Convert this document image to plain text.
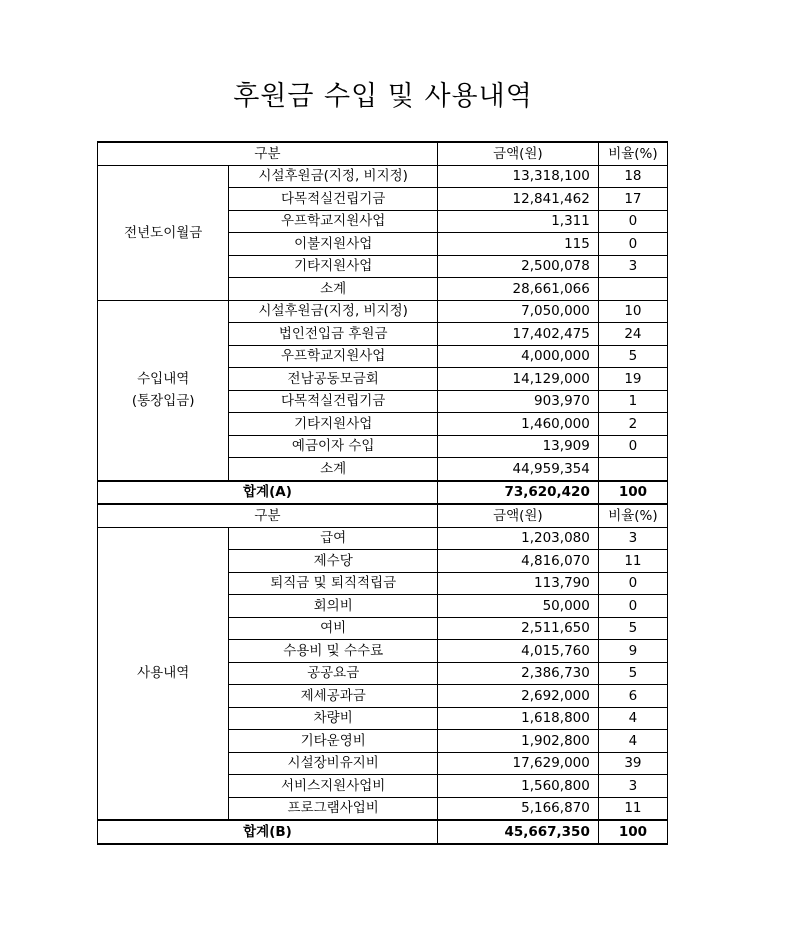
후원금 수입 및 사용내역
구분		금액(원)	비율(%)

전년도이월금	시설후원금(지정, 비지정)	13,318,100	18
	다목적실건립기금	12,841,462	17
	우프학교지원사업	1,311	0
	이불지원사업	115	0
	기타지원사업	2,500,078	3
	소계	28,661,066	

수입내역
(통장입금)	시설후원금(지정, 비지정)	7,050,000	10
	법인전입금 후원금	17,402,475	24
	우프학교지원사업	4,000,000	5
	전남공동모금회	14,129,000	19
	다목적실건립기금	903,970	1
	기타지원사업	1,460,000	2
	예금이자 수입	13,909	0
	소계	44,959,354	
합계(A)		73,620,420	100
구분		금액(원)	비율(%)

사용내역	급여	1,203,080	3
	제수당	4,816,070	11
	퇴직금 및 퇴직적립금	113,790	0
	회의비	50,000	0
	여비	2,511,650	5
	수용비 및 수수료	4,015,760	9
	공공요금	2,386,730	5
	제세공과금	2,692,000	6
	차량비	1,618,800	4
	기타운영비	1,902,800	4
	시설장비유지비	17,629,000	39
	서비스지원사업비	1,560,800	3
	프로그램사업비	5,166,870	11
합계(B)		45,667,350	100
